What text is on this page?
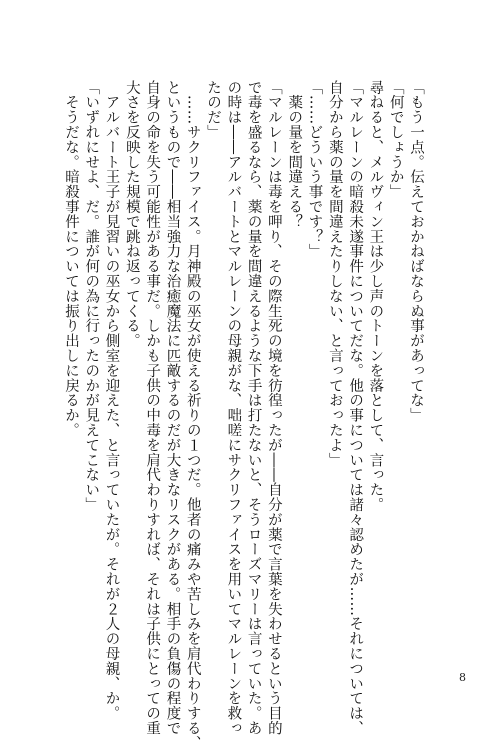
「もう一点。伝えておかねばならぬ事があってな」
「何でしょうか」
尋ねると、メルヴィン王は少し声のトーンを落として、言った。
「マルレーンの暗殺未遂事件についてだな。他の事については諸々認めたが……それについては、
自分から薬の量を間違えたりしない、と言っておったよ」
「……どういう事です？」
　薬の量を間違える？
「マルレーンは毒を呷り、その際生死の境を彷徨ったが――自分が薬で言葉を失わせるという目的
で毒を盛るなら、薬の量を間違えるような下手は打たないと、そうローズマリーは言っていた。あ
の時は――アルバートとマルレーンの母親がな、咄嗟にサクリファイスを用いてマルレーンを救っ
たのだ」
　……サクリファイス。月神殿の巫女が使える祈りの１つだ。他者の痛みや苦しみを肩代わりする、
というもので――相当強力な治癒魔法に匹敵するのだが大きなリスクがある。相手の負傷の程度で
自身の命を失う可能性がある事だ。しかも子供の中毒を肩代わりすれば、それは子供にとっての重
大さを反映した規模で跳ね返ってくる。
　アルバート王子が見習いの巫女から側室を迎えた、と言っていたが。それが２人の母親、か。
「いずれにせよ、だ。誰が何の為に行ったのかが見えてこない」
　そうだな。暗殺事件については振り出しに戻るか。
8
